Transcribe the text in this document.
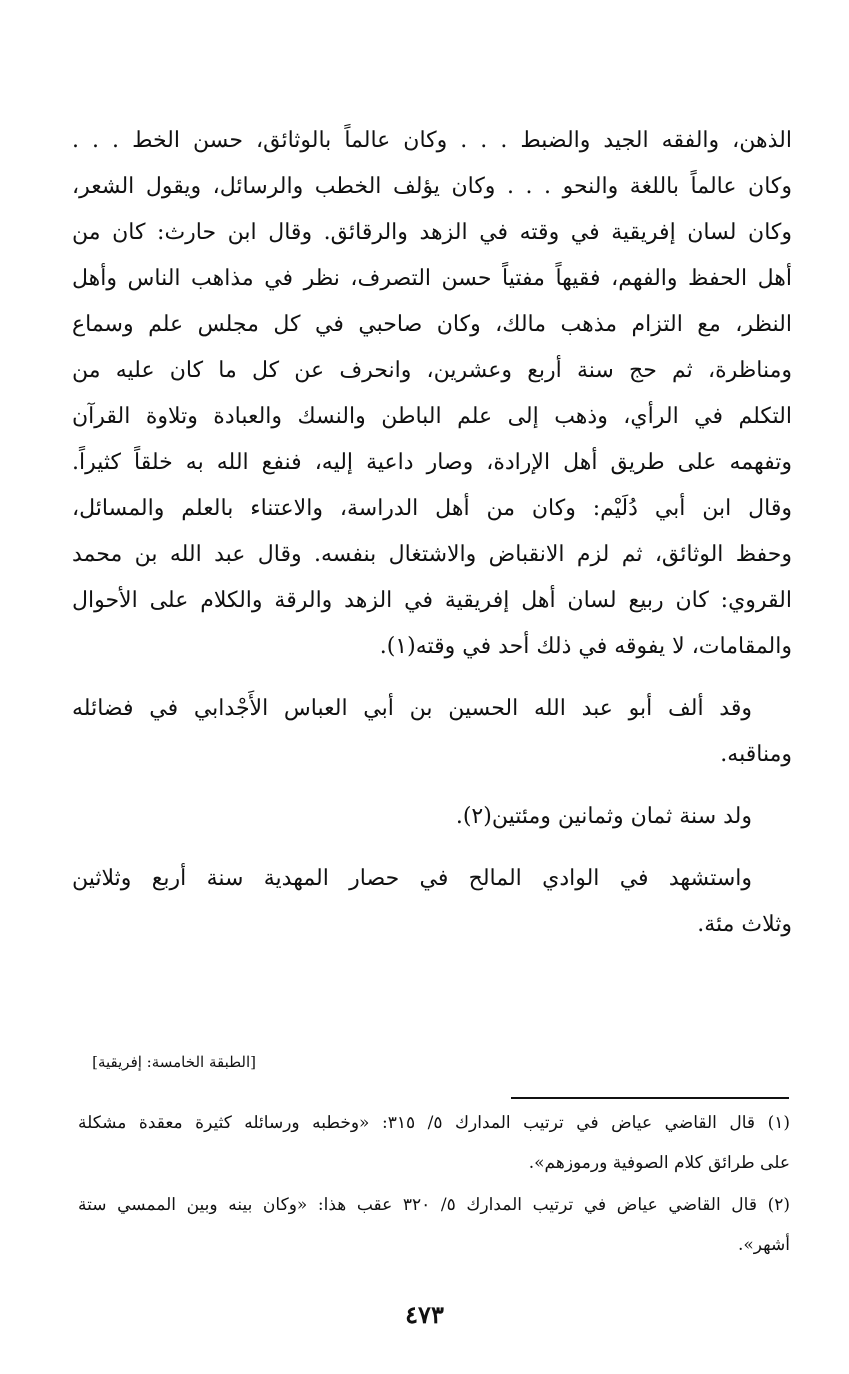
الذهن، والفقه الجيد والضبط . . . وكان عالماً بالوثائق، حسن الخط . . .
وكان عالماً باللغة والنحو . . . وكان يؤلف الخطب والرسائل، ويقول الشعر،
وكان لسان إفريقية في وقته في الزهد والرقائق. وقال ابن حارث: كان من
أهل الحفظ والفهم، فقيهاً مفتياً حسن التصرف، نظر في مذاهب الناس وأهل
النظر، مع التزام مذهب مالك، وكان صاحبي في كل مجلس علم وسماع
ومناظرة، ثم حج سنة أربع وعشرين، وانحرف عن كل ما كان عليه من
التكلم في الرأي، وذهب إلى علم الباطن والنسك والعبادة وتلاوة القرآن
وتفهمه على طريق أهل الإرادة، وصار داعية إليه، فنفع الله به خلقاً كثيراً.
وقال ابن أبي دُلَيْم: وكان من أهل الدراسة، والاعتناء بالعلم والمسائل،
وحفظ الوثائق، ثم لزم الانقباض والاشتغال بنفسه. وقال عبد الله بن محمد
القروي: كان ربيع لسان أهل إفريقية في الزهد والرقة والكلام على الأحوال
والمقامات، لا يفوقه في ذلك أحد في وقته(١).
وقد ألف أبو عبد الله الحسين بن أبي العباس الأَجْدابي في فضائله
ومناقبه.
ولد سنة ثمان وثمانين ومئتين(٢).
واستشهد في الوادي المالح في حصار المهدية سنة أربع وثلاثين
وثلاث مئة.
[الطبقة الخامسة: إفريقية]
(١) قال القاضي عياض في ترتيب المدارك ٥/ ٣١٥: «وخطبه ورسائله كثيرة معقدة مشكلة
على طرائق كلام الصوفية ورموزهم».
(٢) قال القاضي عياض في ترتيب المدارك ٥/ ٣٢٠ عقب هذا: «وكان بينه وبين الممسي ستة
أشهر».
٤٧٣
